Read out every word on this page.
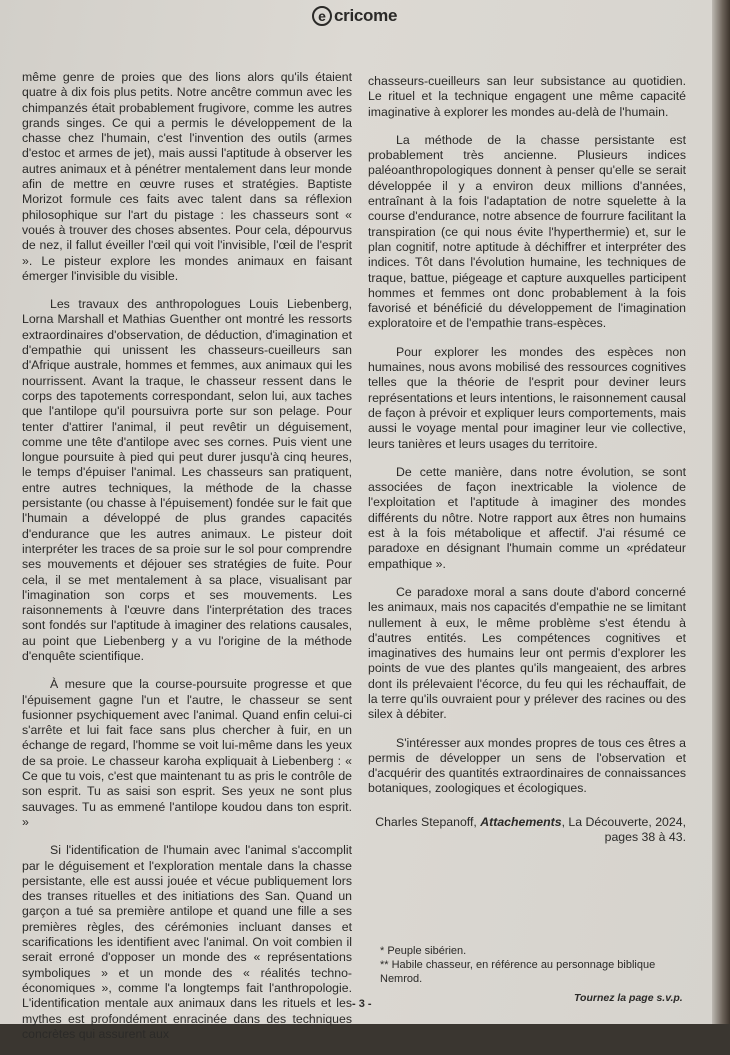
e cricome

même genre de proies que des lions alors qu'ils étaient quatre à dix fois plus petits. Notre ancêtre commun avec les chimpanzés était probablement frugivore, comme les autres grands singes. Ce qui a permis le développement de la chasse chez l'humain, c'est l'invention des outils (armes d'estoc et armes de jet), mais aussi l'aptitude à observer les autres animaux et à pénétrer mentalement dans leur monde afin de mettre en œuvre ruses et stratégies. Baptiste Morizot formule ces faits avec talent dans sa réflexion philosophique sur l'art du pistage : les chasseurs sont « voués à trouver des choses absentes. Pour cela, dépourvus de nez, il fallut éveiller l'œil qui voit l'invisible, l'œil de l'esprit ». Le pisteur explore les mondes animaux en faisant émerger l'invisible du visible.

Les travaux des anthropologues Louis Liebenberg, Lorna Marshall et Mathias Guenther ont montré les ressorts extraordinaires d'observation, de déduction, d'imagination et d'empathie qui unissent les chasseurs-cueilleurs san d'Afrique australe, hommes et femmes, aux animaux qui les nourrissent. Avant la traque, le chasseur ressent dans le corps des tapotements correspondant, selon lui, aux taches que l'antilope qu'il poursuivra porte sur son pelage. Pour tenter d'attirer l'animal, il peut revêtir un déguisement, comme une tête d'antilope avec ses cornes. Puis vient une longue poursuite à pied qui peut durer jusqu'à cinq heures, le temps d'épuiser l'animal. Les chasseurs san pratiquent, entre autres techniques, la méthode de la chasse persistante (ou chasse à l'épuisement) fondée sur le fait que l'humain a développé de plus grandes capacités d'endurance que les autres animaux. Le pisteur doit interpréter les traces de sa proie sur le sol pour comprendre ses mouvements et déjouer ses stratégies de fuite. Pour cela, il se met mentalement à sa place, visualisant par l'imagination son corps et ses mouvements. Les raisonnements à l'œuvre dans l'interprétation des traces sont fondés sur l'aptitude à imaginer des relations causales, au point que Liebenberg y a vu l'origine de la méthode d'enquête scientifique.

À mesure que la course-poursuite progresse et que l'épuisement gagne l'un et l'autre, le chasseur se sent fusionner psychiquement avec l'animal. Quand enfin celui-ci s'arrête et lui fait face sans plus chercher à fuir, en un échange de regard, l'homme se voit lui-même dans les yeux de sa proie. Le chasseur karoha expliquait à Liebenberg : « Ce que tu vois, c'est que maintenant tu as pris le contrôle de son esprit. Tu as saisi son esprit. Ses yeux ne sont plus sauvages. Tu as emmené l'antilope koudou dans ton esprit. »

Si l'identification de l'humain avec l'animal s'accomplit par le déguisement et l'exploration mentale dans la chasse persistante, elle est aussi jouée et vécue publiquement lors des transes rituelles et des initiations des San. Quand un garçon a tué sa première antilope et quand une fille a ses premières règles, des cérémonies incluant danses et scarifications les identifient avec l'animal. On voit combien il serait erroné d'opposer un monde des « représentations symboliques » et un monde des « réalités techno-économiques », comme l'a longtemps fait l'anthropologie. L'identification mentale aux animaux dans les rituels et les mythes est profondément enracinée dans des techniques concrètes qui assurent aux

chasseurs-cueilleurs san leur subsistance au quotidien. Le rituel et la technique engagent une même capacité imaginative à explorer les mondes au-delà de l'humain.

La méthode de la chasse persistante est probablement très ancienne. Plusieurs indices paléoanthropologiques donnent à penser qu'elle se serait développée il y a environ deux millions d'années, entraînant à la fois l'adaptation de notre squelette à la course d'endurance, notre absence de fourrure facilitant la transpiration (ce qui nous évite l'hyperthermie) et, sur le plan cognitif, notre aptitude à déchiffrer et interpréter des indices. Tôt dans l'évolution humaine, les techniques de traque, battue, piégeage et capture auxquelles participent hommes et femmes ont donc probablement à la fois favorisé et bénéficié du développement de l'imagination exploratoire et de l'empathie trans-espèces.

Pour explorer les mondes des espèces non humaines, nous avons mobilisé des ressources cognitives telles que la théorie de l'esprit pour deviner leurs représentations et leurs intentions, le raisonnement causal de façon à prévoir et expliquer leurs comportements, mais aussi le voyage mental pour imaginer leur vie collective, leurs tanières et leurs usages du territoire.

De cette manière, dans notre évolution, se sont associées de façon inextricable la violence de l'exploitation et l'aptitude à imaginer des mondes différents du nôtre. Notre rapport aux êtres non humains est à la fois métabolique et affectif. J'ai résumé ce paradoxe en désignant l'humain comme un «prédateur empathique ».

Ce paradoxe moral a sans doute d'abord concerné les animaux, mais nos capacités d'empathie ne se limitant nullement à eux, le même problème s'est étendu à d'autres entités. Les compétences cognitives et imaginatives des humains leur ont permis d'explorer les points de vue des plantes qu'ils mangeaient, des arbres dont ils prélevaient l'écorce, du feu qui les réchauffait, de la terre qu'ils ouvraient pour y prélever des racines ou des silex à débiter.

S'intéresser aux mondes propres de tous ces êtres a permis de développer un sens de l'observation et d'acquérir des quantités extraordinaires de connaissances botaniques, zoologiques et écologiques.

Charles Stepanoff, Attachements, La Découverte, 2024, pages 38 à 43.

* Peuple sibérien.
** Habile chasseur, en référence au personnage biblique Nemrod.
- 3 -	Tournez la page s.v.p.
